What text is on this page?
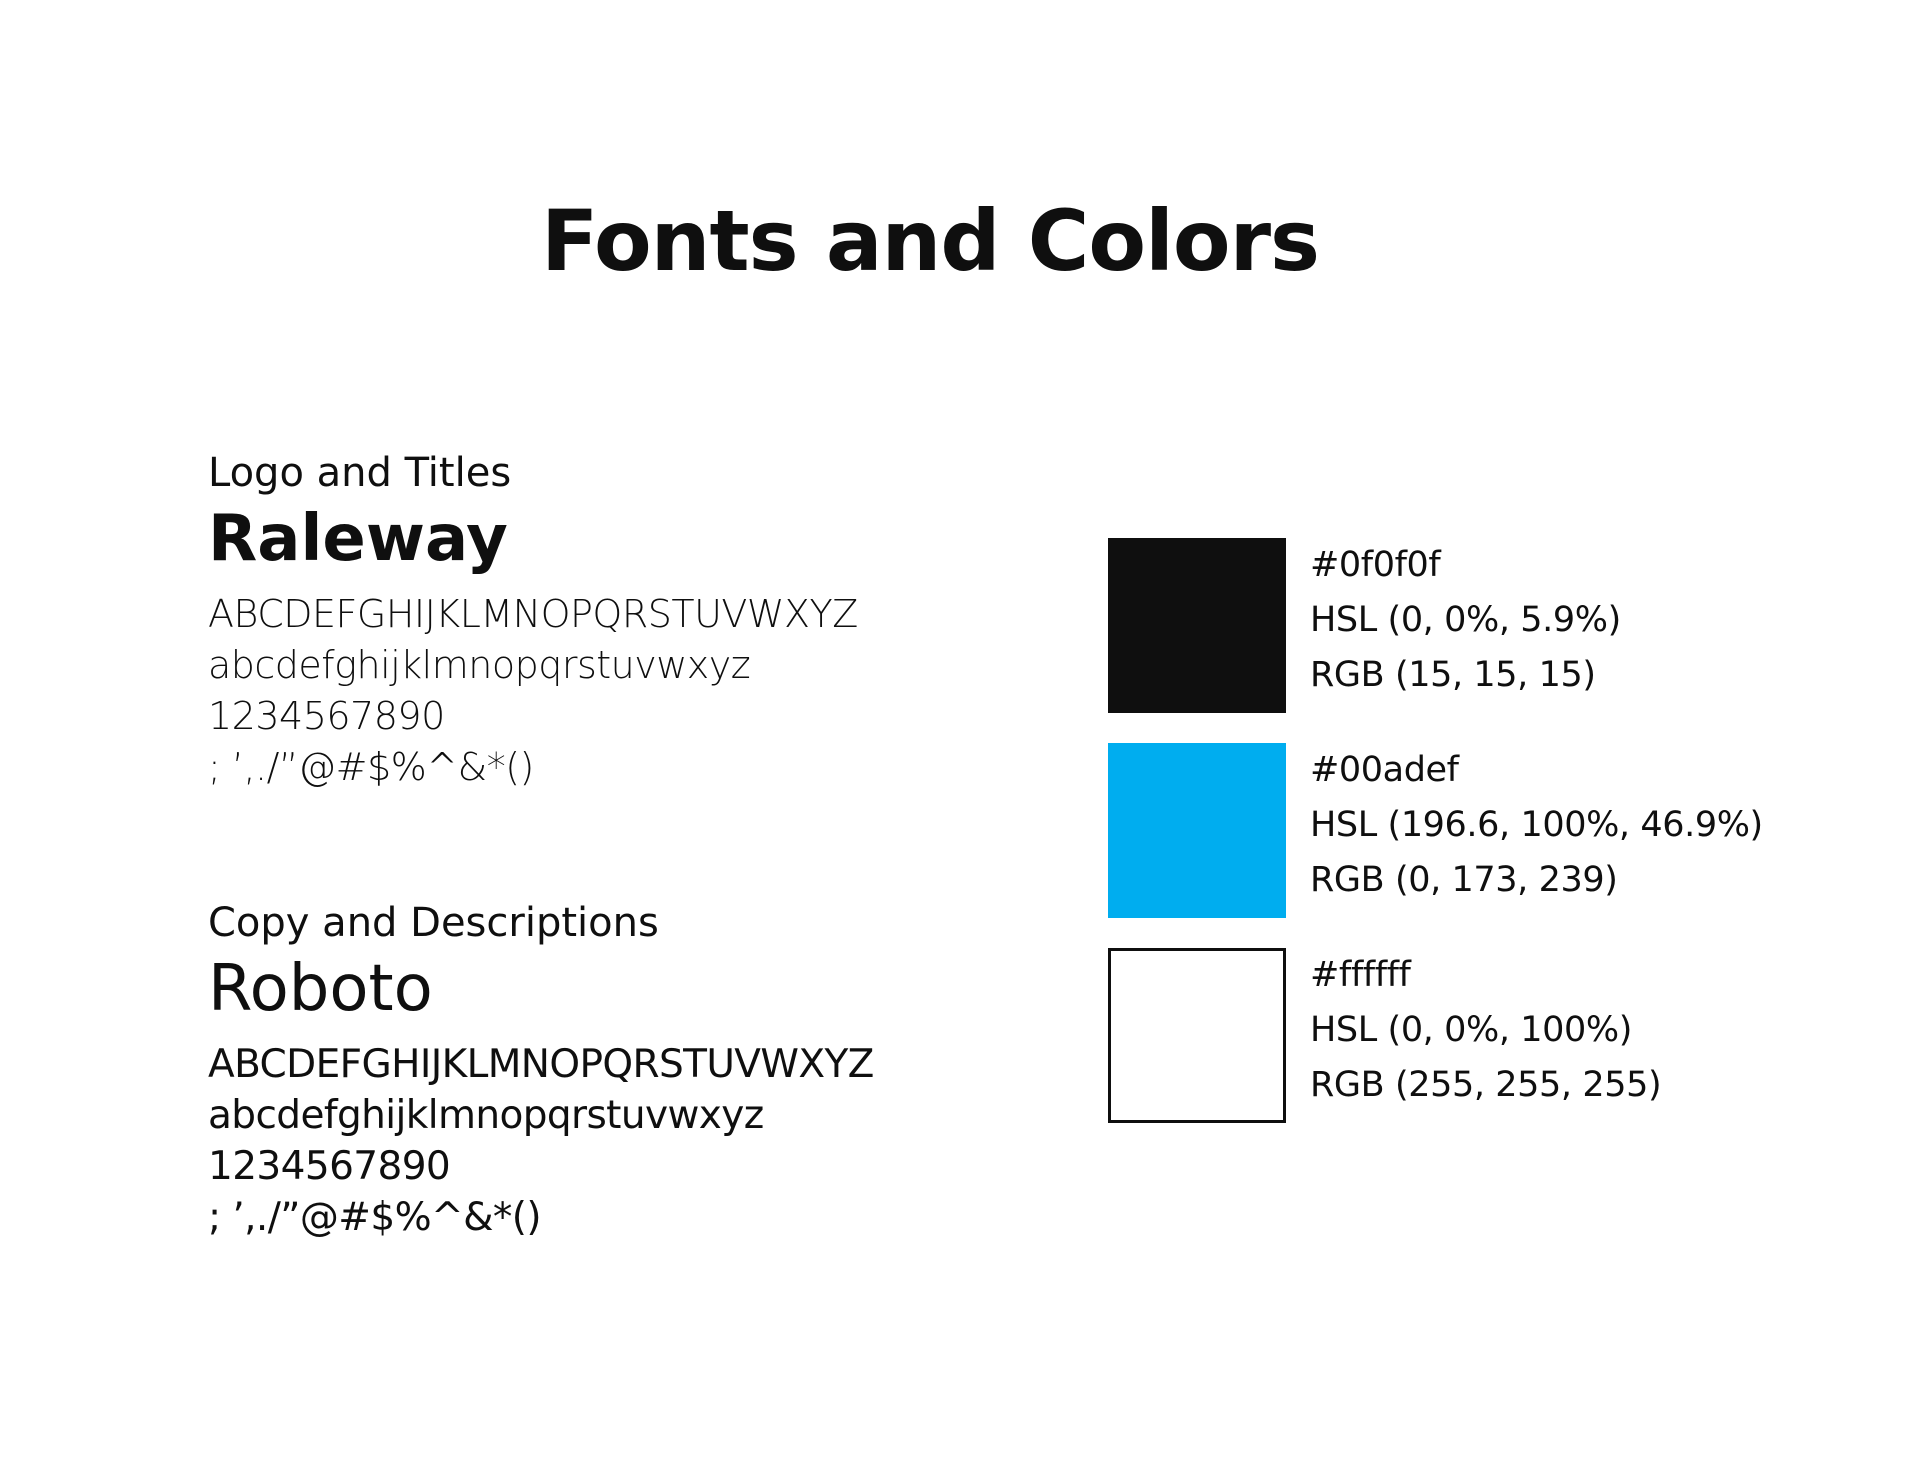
Fonts and Colors
Logo and Titles
Raleway
ABCDEFGHIJKLMNOPQRSTUVWXYZ
abcdefghijklmnopqrstuvwxyz
1234567890
; ’,./”@#$%^&*()
Copy and Descriptions
Roboto
ABCDEFGHIJKLMNOPQRSTUVWXYZ
abcdefghijklmnopqrstuvwxyz
1234567890
; ’,./”@#$%^&*()
#0f0f0f
HSL (0, 0%, 5.9%)
RGB (15, 15, 15)
#00adef
HSL (196.6, 100%, 46.9%)
RGB (0, 173, 239)
#ffffff
HSL (0, 0%, 100%)
RGB (255, 255, 255)
